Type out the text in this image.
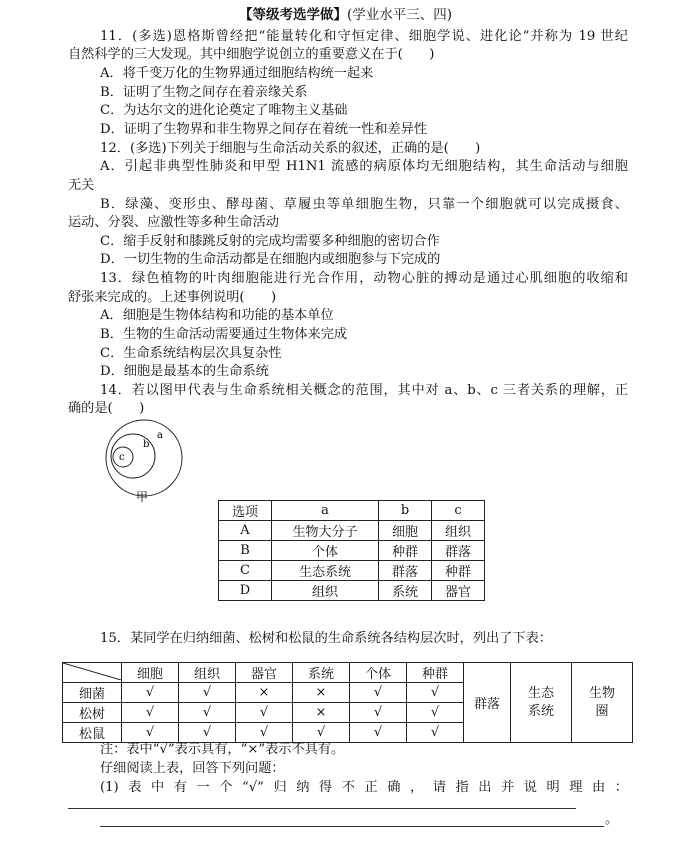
【等级考选学做】(学业水平三、四)
11．(多选)恩格斯曾经把“能量转化和守恒定律、细胞学说、进化论”并称为 19 世纪
自然科学的三大发现。其中细胞学说创立的重要意义在于(　　)
A．将千变万化的生物界通过细胞结构统一起来
B．证明了生物之间存在着亲缘关系
C．为达尔文的进化论奠定了唯物主义基础
D．证明了生物界和非生物界之间存在着统一性和差异性
12．(多选)下列关于细胞与生命活动关系的叙述，正确的是(　　)
A．引起非典型性肺炎和甲型 H1N1 流感的病原体均无细胞结构，其生命活动与细胞
无关
B．绿藻、变形虫、酵母菌、草履虫等单细胞生物，只靠一个细胞就可以完成摄食、
运动、分裂、应激性等多种生命活动
C．缩手反射和膝跳反射的完成均需要多种细胞的密切合作
D．一切生物的生命活动都是在细胞内或细胞参与下完成的
13．绿色植物的叶肉细胞能进行光合作用，动物心脏的搏动是通过心肌细胞的收缩和
舒张来完成的。上述事例说明(　　)
A．细胞是生物体结构和功能的基本单位
B．生物的生命活动需要通过生物体来完成
C．生命系统结构层次具复杂性
D．细胞是最基本的生命系统
14．若以图甲代表与生命系统相关概念的范围，其中对 a、b、c 三者关系的理解，正
确的是(　　)
a
b
c
甲
选项	a	b	c
A	生物大分子	细胞	组织
B	个体	种群	群落
C	生态系统	群落	种群
D	组织	系统	器官
15．某同学在归纳细菌、松树和松鼠的生命系统各结构层次时，列出了下表：
	细胞	组织	器官	系统	个体	种群	群落	生态系统	生物圈
细菌	√	√	×	×	√	√			
松树	√	√	√	×	√	√			
松鼠	√	√	√	√	√	√			
注：表中“√”表示具有，“×”表示不具有。
仔细阅读上表，回答下列问题：
(1)表中有一个“√”归纳得不正确，请指出并说明理由：
。
